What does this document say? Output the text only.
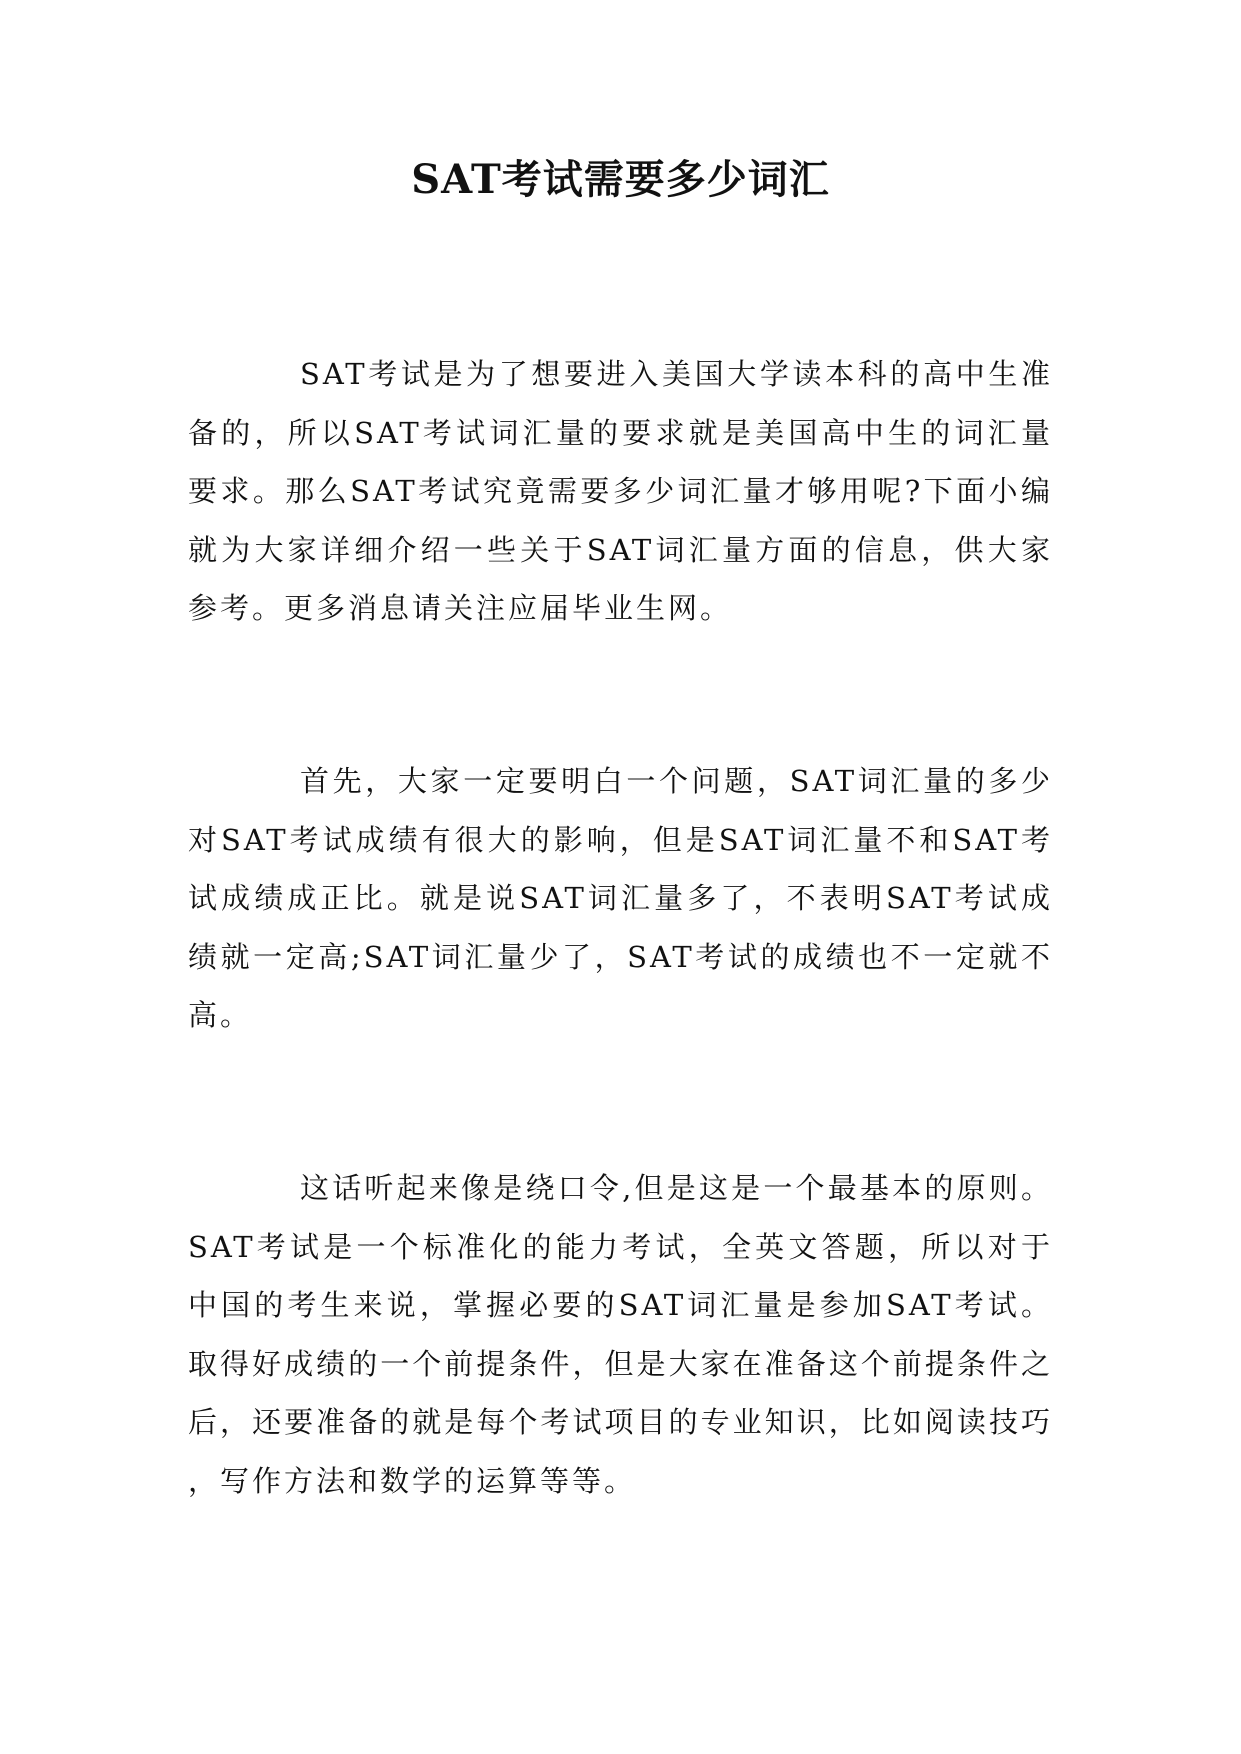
SAT考试需要多少词汇

SAT考试是为了想要进入美国大学读本科的高中生准备的，所以SAT考试词汇量的要求就是美国高中生的词汇量要求。那么SAT考试究竟需要多少词汇量才够用呢?下面小编就为大家详细介绍一些关于SAT词汇量方面的信息，供大家参考。更多消息请关注应届毕业生网。

首先，大家一定要明白一个问题，SAT词汇量的多少对SAT考试成绩有很大的影响，但是SAT词汇量不和SAT考试成绩成正比。就是说SAT词汇量多了，不表明SAT考试成绩就一定高;SAT词汇量少了，SAT考试的成绩也不一定就不高。

这话听起来像是绕口令,但是这是一个最基本的原则。SAT考试是一个标准化的能力考试，全英文答题，所以对于中国的考生来说，掌握必要的SAT词汇量是参加SAT考试。取得好成绩的一个前提条件，但是大家在准备这个前提条件之后，还要准备的就是每个考试项目的专业知识，比如阅读技巧，写作方法和数学的运算等等。
